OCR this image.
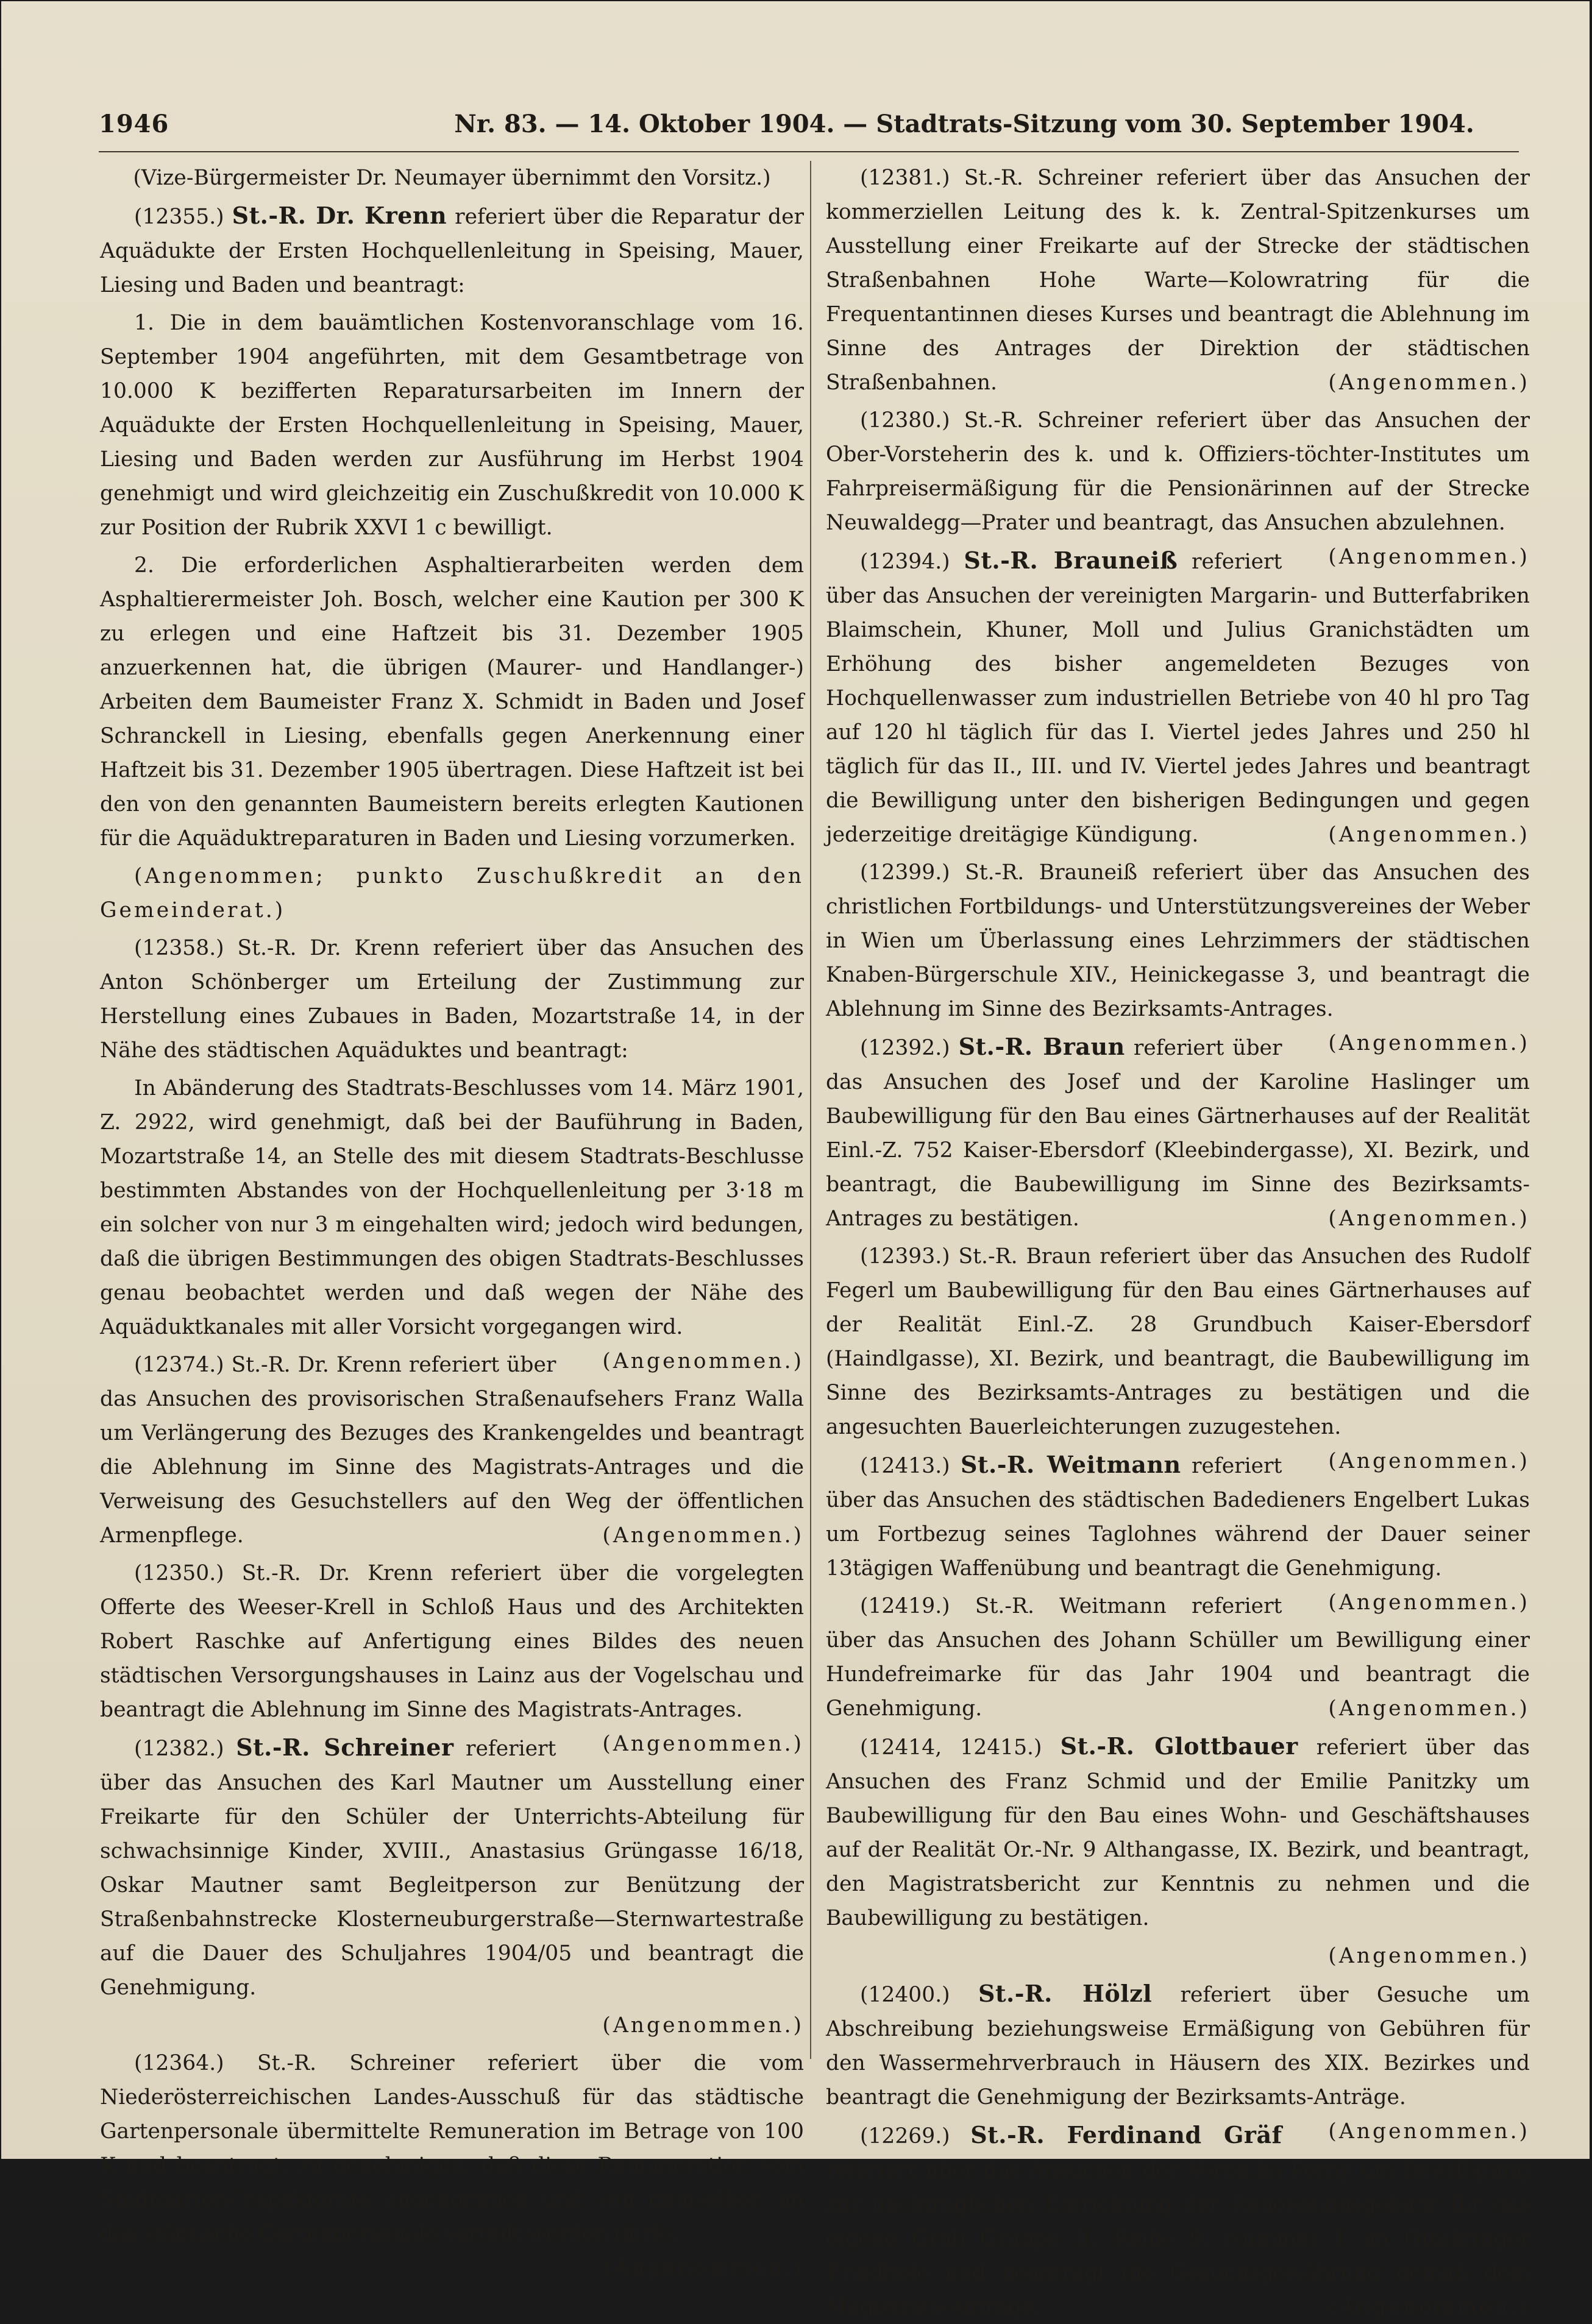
1946	Nr. 83. — 14. Oktober 1904. — Stadtrats-Sitzung vom 30. September 1904.

(Vize-Bürgermeister Dr. Neumayer übernimmt den Vorsitz.)

(12355.) St.-R. Dr. Krenn referiert über die Reparatur der Aquädukte der Ersten Hochquellenleitung in Speising, Mauer, Liesing und Baden und beantragt:

1. Die in dem bauämtlichen Kostenvoranschlage vom 16. September 1904 angeführten, mit dem Gesamtbetrage von 10.000 K bezifferten Reparatursarbeiten im Innern der Aquädukte der Ersten Hochquellenleitung in Speising, Mauer, Liesing und Baden werden zur Ausführung im Herbst 1904 genehmigt und wird gleichzeitig ein Zuschußkredit von 10.000 K zur Position der Rubrik XXVI 1 c bewilligt.

2. Die erforderlichen Asphaltierarbeiten werden dem Asphaltierermeister Joh. Bosch, welcher eine Kaution per 300 K zu erlegen und eine Haftzeit bis 31. Dezember 1905 anzuerkennen hat, die übrigen (Maurer- und Handlanger-) Arbeiten dem Baumeister Franz X. Schmidt in Baden und Josef Schranckell in Liesing, ebenfalls gegen Anerkennung einer Haftzeit bis 31. Dezember 1905 übertragen. Diese Haftzeit ist bei den von den genannten Baumeistern bereits erlegten Kautionen für die Aquäduktreparaturen in Baden und Liesing vorzumerken.

(Angenommen; punkto Zuschußkredit an den Gemeinderat.)

(12358.) St.-R. Dr. Krenn referiert über das Ansuchen des Anton Schönberger um Erteilung der Zustimmung zur Herstellung eines Zubaues in Baden, Mozartstraße 14, in der Nähe des städtischen Aquäduktes und beantragt:

In Abänderung des Stadtrats-Beschlusses vom 14. März 1901, Z. 2922, wird genehmigt, daß bei der Bauführung in Baden, Mozartstraße 14, an Stelle des mit diesem Stadtrats-Beschlusse bestimmten Abstandes von der Hochquellenleitung per 3·18 m ein solcher von nur 3 m eingehalten wird; jedoch wird bedungen, daß die übrigen Bestimmungen des obigen Stadtrats-Beschlusses genau beobachtet werden und daß wegen der Nähe des Aquäduktkanales mit aller Vorsicht vorgegangen wird.
(Angenommen.)

(12374.) St.-R. Dr. Krenn referiert über das Ansuchen des provisorischen Straßenaufsehers Franz Walla um Verlängerung des Bezuges des Krankengeldes und beantragt die Ablehnung im Sinne des Magistrats-Antrages und die Verweisung des Gesuchstellers auf den Weg der öffentlichen Armenpflege.	(Angenommen.)

(12350.) St.-R. Dr. Krenn referiert über die vorgelegten Offerte des Weeser-Krell in Schloß Haus und des Architekten Robert Raschke auf Anfertigung eines Bildes des neuen städtischen Versorgungshauses in Lainz aus der Vogelschau und beantragt die Ablehnung im Sinne des Magistrats-Antrages.
(Angenommen.)

(12382.) St.-R. Schreiner referiert über das Ansuchen des Karl Mautner um Ausstellung einer Freikarte für den Schüler der Unterrichts-Abteilung für schwachsinnige Kinder, XVIII., Anastasius Grüngasse 16/18, Oskar Mautner samt Begleitperson zur Benützung der Straßenbahnstrecke Klosterneuburgerstraße—Sternwartestraße auf die Dauer des Schuljahres 1904/05 und beantragt die Genehmigung.

(Angenommen.)

(12364.) St.-R. Schreiner referiert über die vom Niederösterreichischen Landes-Ausschuß für das städtische Gartenpersonale übermittelte Remuneration im Betrage von 100 K und beantragt, zu genehmigen, daß diese Remuneration vom Stadtgarten-Inspektorate angenommen und von demselben an das städtische Gartenpersonale verteilt werden dürfe.
(Angenommen.)

(12381.) St.-R. Schreiner referiert über das Ansuchen der kommerziellen Leitung des k. k. Zentral-Spitzenkurses um Ausstellung einer Freikarte auf der Strecke der städtischen Straßenbahnen Hohe Warte—Kolowratring für die Frequentantinnen dieses Kurses und beantragt die Ablehnung im Sinne des Antrages der Direktion der städtischen Straßenbahnen.	(Angenommen.)

(12380.) St.-R. Schreiner referiert über das Ansuchen der Ober-Vorsteherin des k. und k. Offiziers-töchter-Institutes um Fahrpreisermäßigung für die Pensionärinnen auf der Strecke Neuwaldegg—Prater und beantragt, das Ansuchen abzulehnen.
(Angenommen.)

(12394.) St.-R. Brauneiß referiert über das Ansuchen der vereinigten Margarin- und Butterfabriken Blaimschein, Khuner, Moll und Julius Granichstädten um Erhöhung des bisher angemeldeten Bezuges von Hochquellenwasser zum industriellen Betriebe von 40 hl pro Tag auf 120 hl täglich für das I. Viertel jedes Jahres und 250 hl täglich für das II., III. und IV. Viertel jedes Jahres und beantragt die Bewilligung unter den bisherigen Bedingungen und gegen jederzeitige dreitägige Kündigung.	(Angenommen.)

(12399.) St.-R. Brauneiß referiert über das Ansuchen des christlichen Fortbildungs- und Unterstützungsvereines der Weber in Wien um Überlassung eines Lehrzimmers der städtischen Knaben-Bürgerschule XIV., Heinickegasse 3, und beantragt die Ablehnung im Sinne des Bezirksamts-Antrages.
(Angenommen.)

(12392.) St.-R. Braun referiert über das Ansuchen des Josef und der Karoline Haslinger um Baubewilligung für den Bau eines Gärtnerhauses auf der Realität Einl.-Z. 752 Kaiser-Ebersdorf (Kleebindergasse), XI. Bezirk, und beantragt, die Baubewilligung im Sinne des Bezirksamts-Antrages zu bestätigen.	(Angenommen.)

(12393.) St.-R. Braun referiert über das Ansuchen des Rudolf Fegerl um Baubewilligung für den Bau eines Gärtnerhauses auf der Realität Einl.-Z. 28 Grundbuch Kaiser-Ebersdorf (Haindlgasse), XI. Bezirk, und beantragt, die Baubewilligung im Sinne des Bezirksamts-Antrages zu bestätigen und die angesuchten Bauerleichterungen zuzugestehen.
(Angenommen.)

(12413.) St.-R. Weitmann referiert über das Ansuchen des städtischen Badedieners Engelbert Lukas um Fortbezug seines Taglohnes während der Dauer seiner 13tägigen Waffenübung und beantragt die Genehmigung.
(Angenommen.)

(12419.) St.-R. Weitmann referiert über das Ansuchen des Johann Schüller um Bewilligung einer Hundefreimarke für das Jahr 1904 und beantragt die Genehmigung.	(Angenommen.)

(12414, 12415.) St.-R. Glottbauer referiert über das Ansuchen des Franz Schmid und der Emilie Panitzky um Baubewilligung für den Bau eines Wohn- und Geschäftshauses auf der Realität Or.-Nr. 9 Althangasse, IX. Bezirk, und beantragt, den Magistratsbericht zur Kenntnis zu nehmen und die Baubewilligung zu bestätigen.

(Angenommen.)

(12400.) St.-R. Hölzl referiert über Gesuche um Abschreibung beziehungsweise Ermäßigung von Gebühren für den Wassermehrverbrauch in Häusern des XIX. Bezirkes und beantragt die Genehmigung der Bezirksamts-Anträge.
(Angenommen.)

(12269.) St.-R. Ferdinand Gräf referiert über das Ansuchen der Veronika Perny um Bewilligung zur nachträglichen Entrichtung der Renovationsgebühr für das eigene Grab Gruppe II, Reihe 9, Nummer 1 im Ottakringer Friedhofe und beantragt die Gesuchsgewährung gemäß dem Magistrats-Antrage.	(Angenommen.)
